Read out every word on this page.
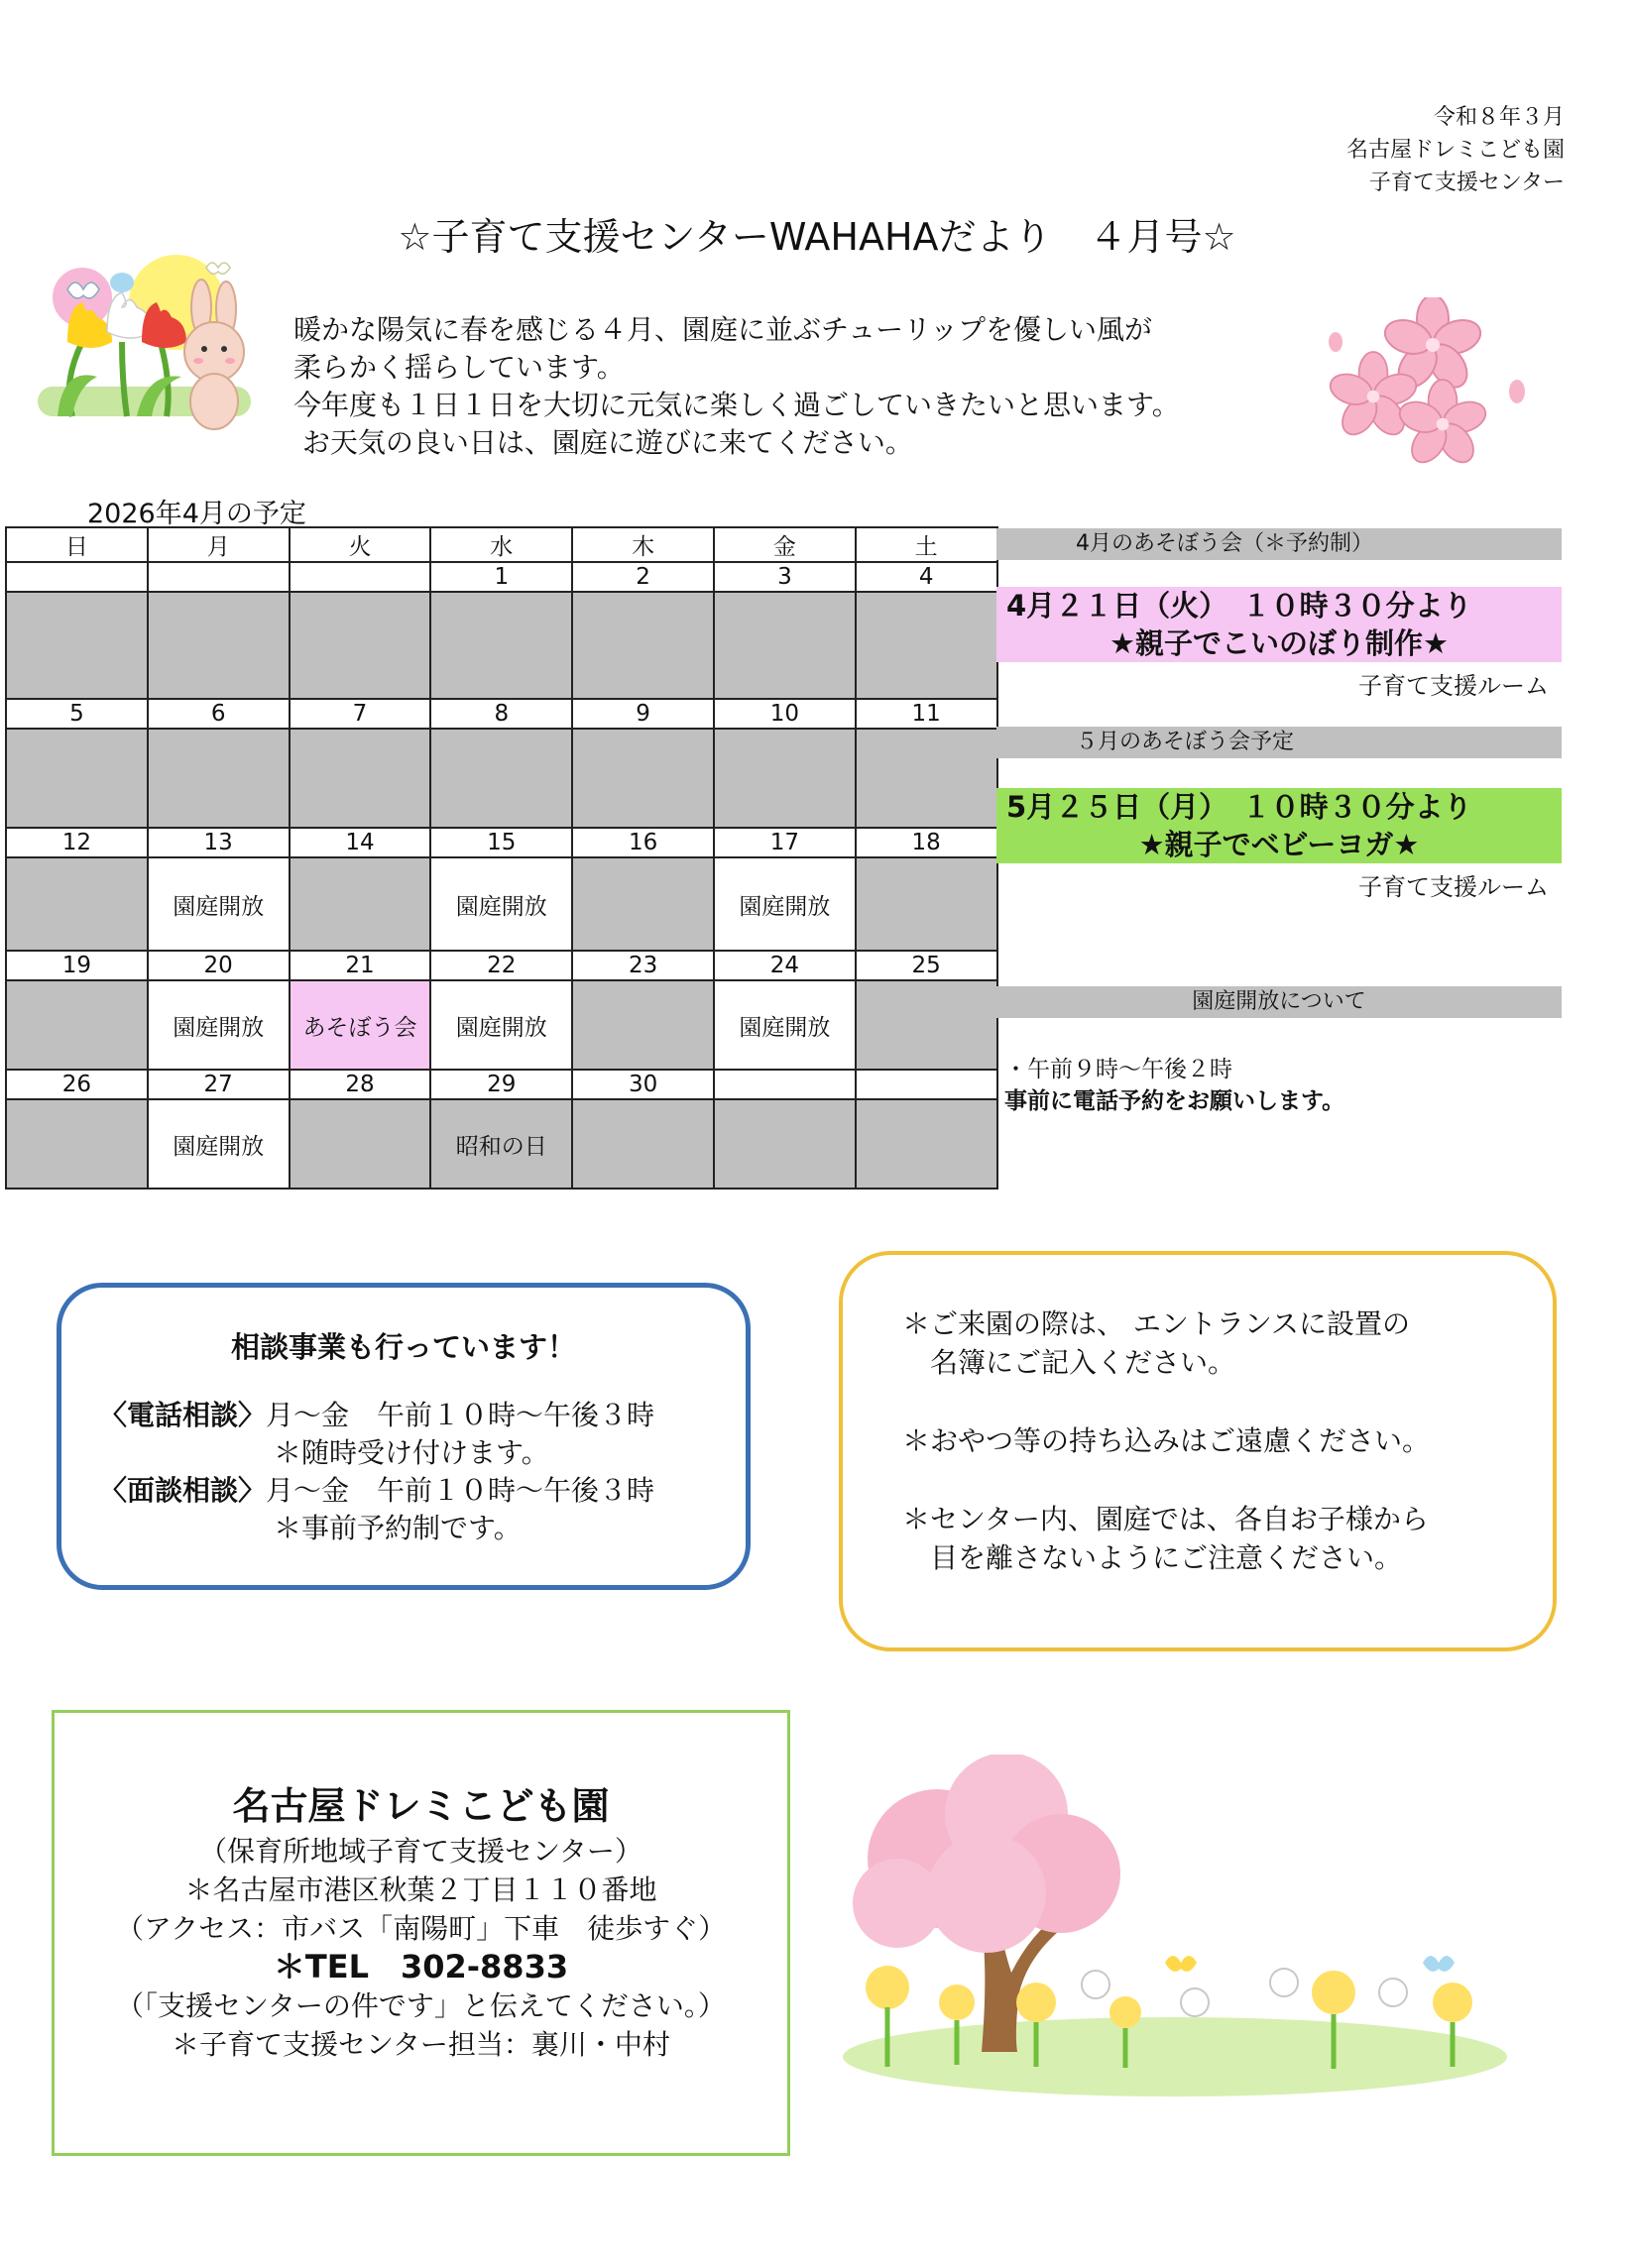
令和８年３月
名古屋ドレミこども園
子育て支援センター
☆子育て支援センターWAHAHAだより　４月号☆
暖かな陽気に春を感じる４月、園庭に並ぶチューリップを優しい風が
柔らかく揺らしています。
今年度も１日１日を大切に元気に楽しく過ごしていきたいと思います。
お天気の良い日は、園庭に遊びに来てください。
2026年4月の予定
日	月	火	水	木	金	土
			1	2	3	4

5	6	7	8	9	10	11

12	13	14	15	16	17	18
	園庭開放		園庭開放		園庭開放	
19	20	21	22	23	24	25
	園庭開放	あそぼう会	園庭開放		園庭開放	
26	27	28	29	30		
	園庭開放		昭和の日			
4月のあそぼう会（＊予約制）
4月２１日（火）　１０時３０分より
★親子でこいのぼり制作★
子育て支援ルーム
５月のあそぼう会予定
5月２５日（月）　１０時３０分より
★親子でベビーヨガ★
子育て支援ルーム
園庭開放について
・午前９時～午後２時
事前に電話予約をお願いします。
相談事業も行っています！
〈電話相談〉月～金　午前１０時～午後３時
＊随時受け付けます。
〈面談相談〉月～金　午前１０時～午後３時
＊事前予約制です。
＊ご来園の際は、 エントランスに設置の
名簿にご記入ください。
＊おやつ等の持ち込みはご遠慮ください。
＊センター内、園庭では、各自お子様から
目を離さないようにご注意ください。
名古屋ドレミこども園
（保育所地域子育て支援センター）
＊名古屋市港区秋葉２丁目１１０番地
（アクセス：市バス「南陽町」下車　徒歩すぐ）
＊TEL　302-8833
（「支援センターの件です」と伝えてください。）
＊子育て支援センター担当：裏川・中村
